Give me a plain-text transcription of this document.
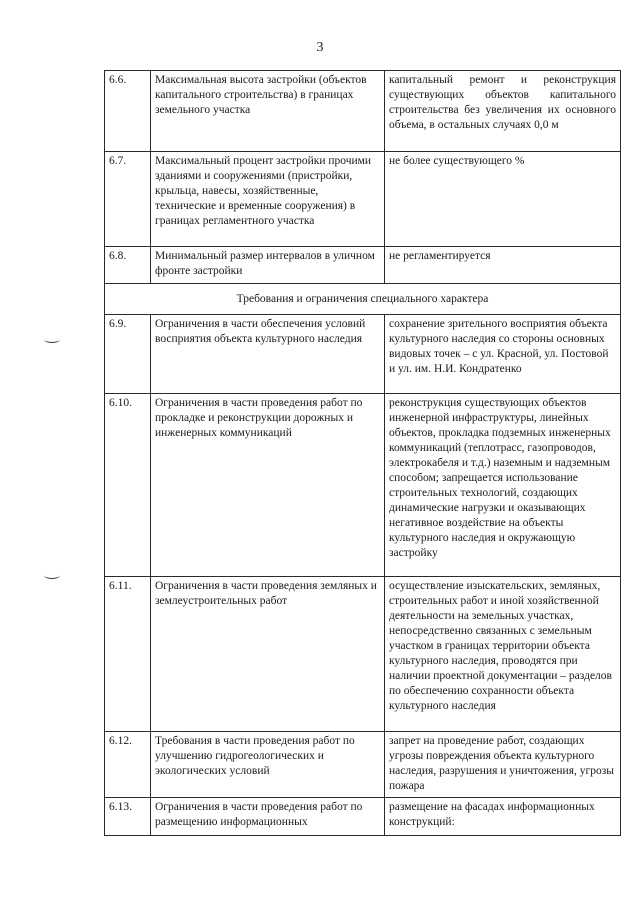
3
6.6.	Максимальная высота застройки (объектов капитального строительства) в границах земельного участка	капитальный ремонт и реконструкция существующих объектов капитального строительства без увеличения их основного объема, в остальных случаях 0,0 м
6.7.	Максимальный процент застройки прочими зданиями и сооружениями (пристройки, крыльца, навесы, хозяйственные, технические и временные сооружения) в границах регламентного участка	не более существующего %
6.8.	Минимальный размер интервалов в уличном фронте застройки	не регламентируется
Требования и ограничения специального характера		
6.9.	Ограничения в части обеспечения условий восприятия объекта культурного наследия	сохранение зрительного восприятия объекта культурного наследия со стороны основных видовых точек – с ул. Красной, ул. Постовой и ул. им. Н.И. Кондратенко
6.10.	Ограничения в части проведения работ по прокладке и реконструкции дорожных и инженерных коммуникаций	реконструкция существующих объектов инженерной инфраструктуры, линейных объектов, прокладка подземных инженерных коммуникаций (теплотрасс, газопроводов, электрокабеля и т.д.) наземным и надземным способом; запрещается использование строительных технологий, создающих динамические нагрузки и оказывающих негативное воздействие на объекты культурного наследия и окружающую застройку
6.11.	Ограничения в части проведения земляных и землеустроительных работ	осуществление изыскательских, земляных, строительных работ и иной хозяйственной деятельности на земельных участках, непосредственно связанных с земельным участком в границах территории объекта культурного наследия, проводятся при наличии проектной документации – разделов по обеспечению сохранности объекта культурного наследия
6.12.	Требования в части проведения работ по улучшению гидрогеологических и экологических условий	запрет на проведение работ, создающих угрозы повреждения объекта культурного наследия, разрушения и уничтожения, угрозы пожара
6.13.	Ограничения в части проведения работ по размещению информационных	размещение на фасадах информационных конструкций:
